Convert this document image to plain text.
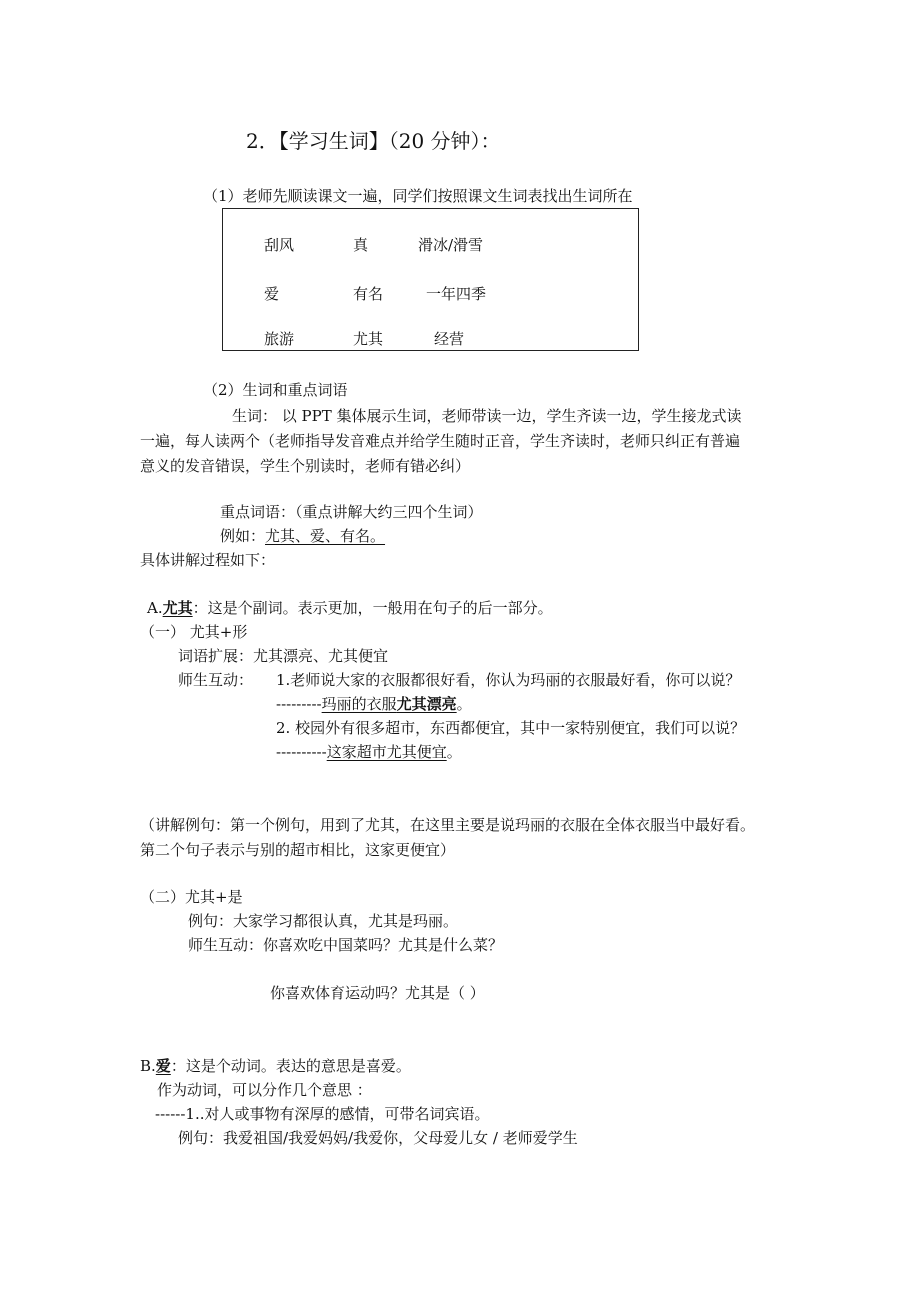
2．【学习生词】（20 分钟）：
（1）老师先顺读课文一遍，同学们按照课文生词表找出生词所在
刮风	真	滑冰/滑雪
爱	有名	一年四季
旅游	尤其	经营
（2）生词和重点词语
生词： 以 PPT 集体展示生词，老师带读一边，学生齐读一边，学生接龙式读
一遍，每人读两个（老师指导发音难点并给学生随时正音，学生齐读时，老师只纠正有普遍
意义的发音错误，学生个别读时，老师有错必纠）
重点词语：（重点讲解大约三四个生词）
例如：尤其、爱、有名。
具体讲解过程如下：
A.尤其：这是个副词。表示更加，一般用在句子的后一部分。
（一） 尤其+形
词语扩展：尤其漂亮、尤其便宜
师生互动： 1.老师说大家的衣服都很好看，你认为玛丽的衣服最好看，你可以说？
---------玛丽的衣服尤其漂亮。
2. 校园外有很多超市，东西都便宜，其中一家特别便宜，我们可以说？
----------这家超市尤其便宜。
（讲解例句：第一个例句，用到了尤其，在这里主要是说玛丽的衣服在全体衣服当中最好看。
第二个句子表示与别的超市相比，这家更便宜）
（二）尤其+是
例句：大家学习都很认真，尤其是玛丽。
师生互动：你喜欢吃中国菜吗？尤其是什么菜？
你喜欢体育运动吗？尤其是（ ）
B.爱：这是个动词。表达的意思是喜爱。
作为动词，可以分作几个意思 ：
------1..对人或事物有深厚的感情，可带名词宾语。
例句：我爱祖国/我爱妈妈/我爱你，父母爱儿女 / 老师爱学生
